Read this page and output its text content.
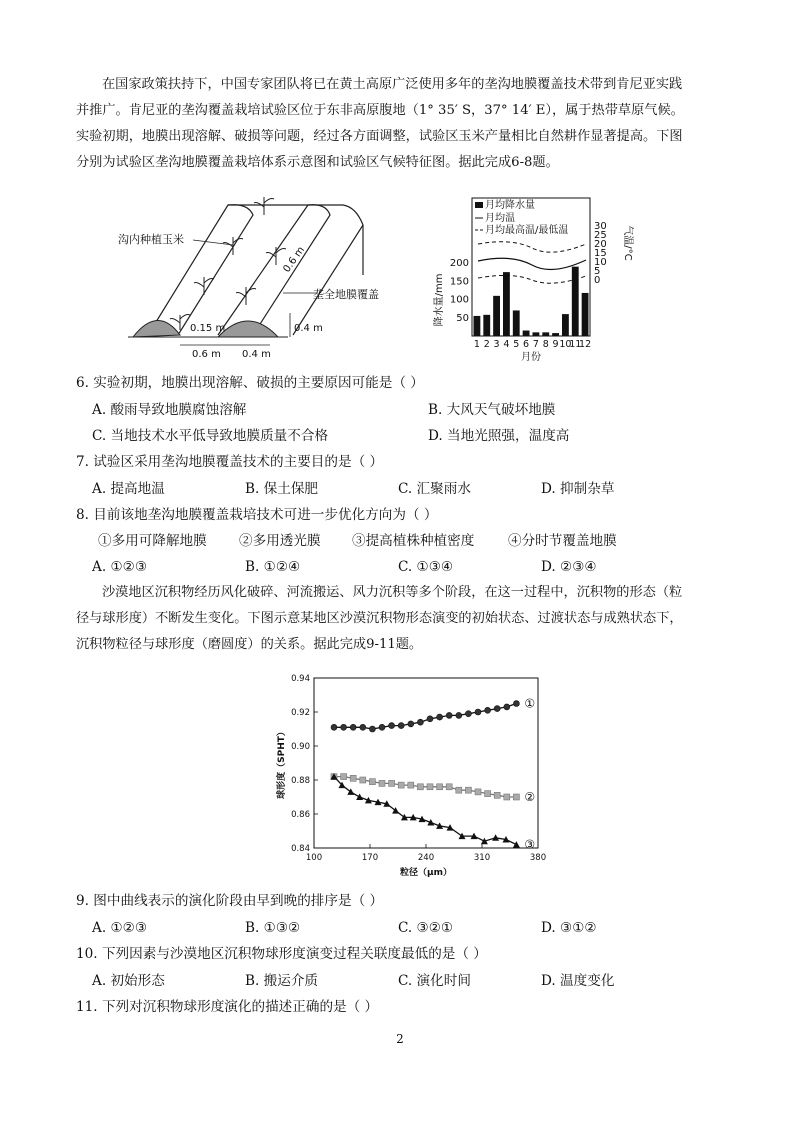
在国家政策扶持下，中国专家团队将已在黄土高原广泛使用多年的垄沟地膜覆盖技术带到肯尼亚实践
并推广。肯尼亚的垄沟覆盖栽培试验区位于东非高原腹地（1° 35′ S，37° 14′ E），属于热带草原气候。
实验初期，地膜出现溶解、破损等问题，经过各方面调整，试验区玉米产量相比自然耕作显著提高。下图
分别为试验区垄沟地膜覆盖栽培体系示意图和试验区气候特征图。据此完成6-8题。
沟内种植玉米
垄全地膜覆盖
0.6 m
0.4 m
0.15 m
0.6 m 0.4 m
月均降水量
月均温
月均最高温/最低温
1 2 3 4 5 6 7 8 9 10
11
12
月份
200
150
100
50
降水量/mm
30
25
20
15
10
5
0
气温/°C
6. 实验初期，地膜出现溶解、破损的主要原因可能是（ ）
A. 酸雨导致地膜腐蚀溶解	B. 大风天气破坏地膜
C. 当地技术水平低导致地膜质量不合格	D. 当地光照强，温度高
7. 试验区采用垄沟地膜覆盖技术的主要目的是（ ）
A. 提高地温	B. 保土保肥	C. 汇聚雨水	D. 抑制杂草
8. 目前该地垄沟地膜覆盖栽培技术可进一步优化方向为（ ）
①多用可降解地膜 ②多用透光膜 ③提高植株种植密度 ④分时节覆盖地膜
A. ①②③	B. ①②④	C. ①③④	D. ②③④
沙漠地区沉积物经历风化破碎、河流搬运、风力沉积等多个阶段，在这一过程中，沉积物的形态（粒
径与球形度）不断发生变化。下图示意某地区沙漠沉积物形态演变的初始状态、过渡状态与成熟状态下，
沉积物粒径与球形度（磨圆度）的关系。据此完成9-11题。
0.94
0.92
0.90
0.88
0.86
0.84
100	170	240	310	380
粒径（μm）
球形度（SPHT）
①
②
③
9. 图中曲线表示的演化阶段由早到晚的排序是（ ）
A. ①②③	B. ①③②	C. ③②①	D. ③①②
10. 下列因素与沙漠地区沉积物球形度演变过程关联度最低的是（ ）
A. 初始形态	B. 搬运介质	C. 演化时间	D. 温度变化
11. 下列对沉积物球形度演化的描述正确的是（ ）
2
